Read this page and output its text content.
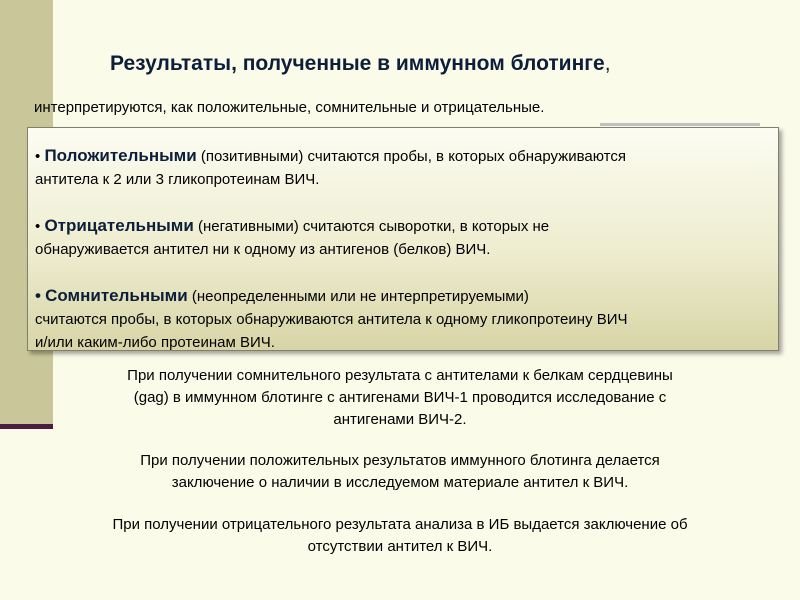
Результаты, полученные в иммунном блотинге,
интерпретируются, как положительные, сомнительные и отрицательные.
• Положительными (позитивными) считаются пробы, в которых обнаруживаются
антитела к 2 или 3 гликопротеинам ВИЧ.
• Отрицательными (негативными) считаются сыворотки, в которых не
обнаруживается антител ни к одному из антигенов (белков) ВИЧ.
• Сомнительными (неопределенными или не интерпретируемыми)
считаются пробы, в которых обнаруживаются антитела к одному гликопротеину ВИЧ
и/или каким-либо протеинам ВИЧ.
При получении сомнительного результата с антителами к белкам сердцевины
(gag) в иммунном блотинге с антигенами ВИЧ-1 проводится исследование с
антигенами ВИЧ-2.
При получении положительных результатов иммунного блотинга делается
заключение о наличии в исследуемом материале антител к ВИЧ.
При получении отрицательного результата анализа в ИБ выдается заключение об
отсутствии антител к ВИЧ.
